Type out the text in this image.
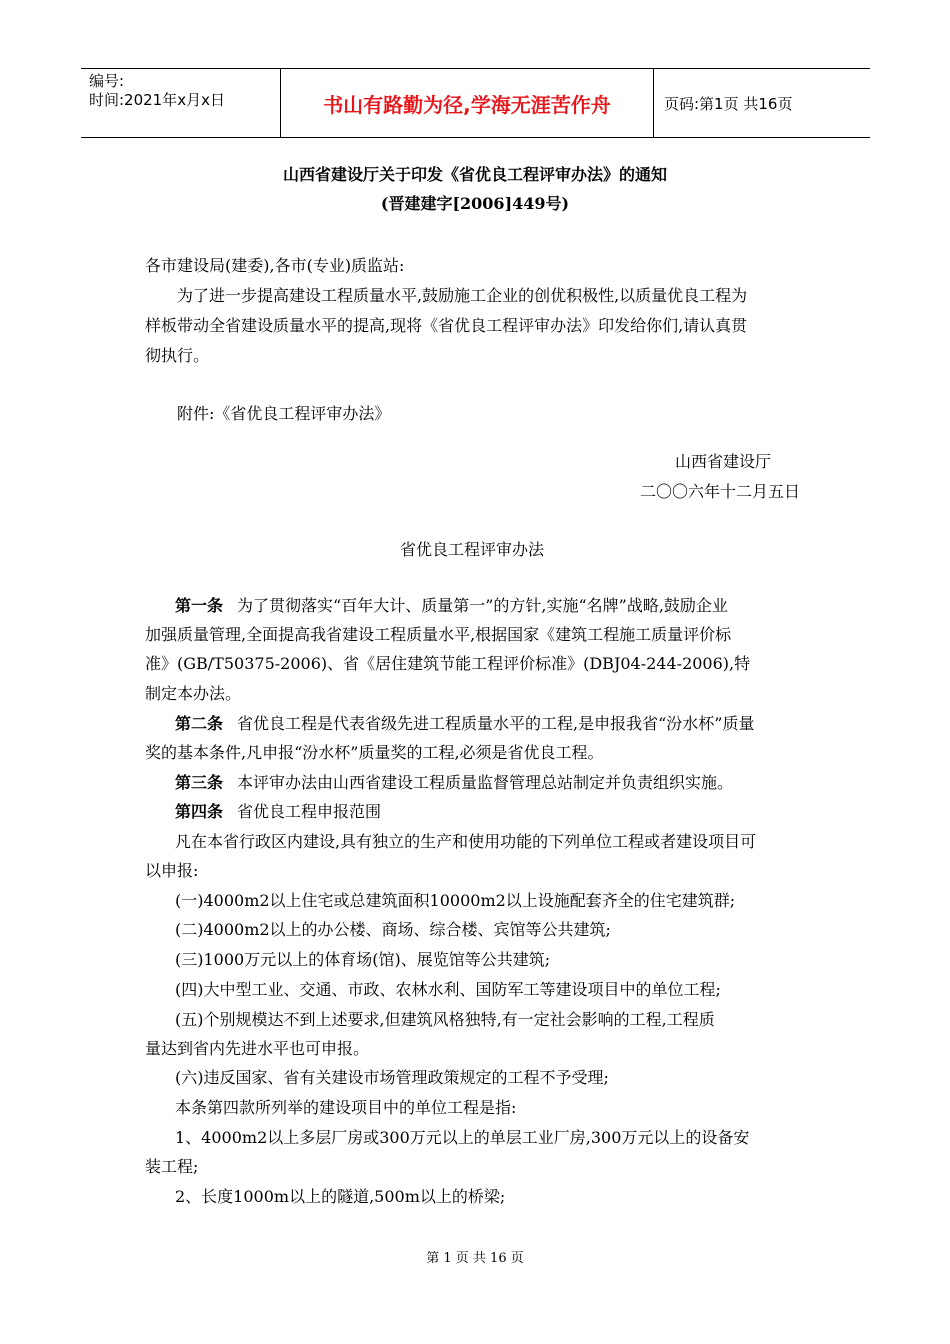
编号:
时间:2021年x月x日	书山有路勤为径,学海无涯苦作舟	页码:第1页 共16页
山西省建设厅关于印发《省优良工程评审办法》的通知
(晋建建字[2006]449号)
各市建设局(建委),各市(专业)质监站:
为了进一步提高建设工程质量水平,鼓励施工企业的创优积极性,以质量优良工程为
样板带动全省建设质量水平的提高,现将《省优良工程评审办法》印发给你们,请认真贯
彻执行。
附件:《省优良工程评审办法》
山西省建设厅
二〇〇六年十二月五日
省优良工程评审办法
第一条 为了贯彻落实“百年大计、质量第一”的方针,实施“名牌”战略,鼓励企业
加强质量管理,全面提高我省建设工程质量水平,根据国家《建筑工程施工质量评价标
准》(GB/T50375-2006)、省《居住建筑节能工程评价标准》(DBJ04-244-2006),特
制定本办法。
第二条 省优良工程是代表省级先进工程质量水平的工程,是申报我省“汾水杯”质量
奖的基本条件,凡申报“汾水杯”质量奖的工程,必须是省优良工程。
第三条 本评审办法由山西省建设工程质量监督管理总站制定并负责组织实施。
第四条 省优良工程申报范围
凡在本省行政区内建设,具有独立的生产和使用功能的下列单位工程或者建设项目可
以申报:
(一)4000m2以上住宅或总建筑面积10000m2以上设施配套齐全的住宅建筑群;
(二)4000m2以上的办公楼、商场、综合楼、宾馆等公共建筑;
(三)1000万元以上的体育场(馆)、展览馆等公共建筑;
(四)大中型工业、交通、市政、农林水利、国防军工等建设项目中的单位工程;
(五)个别规模达不到上述要求,但建筑风格独特,有一定社会影响的工程,工程质
量达到省内先进水平也可申报。
(六)违反国家、省有关建设市场管理政策规定的工程不予受理;
本条第四款所列举的建设项目中的单位工程是指:
1、4000m2以上多层厂房或300万元以上的单层工业厂房,300万元以上的设备安
装工程;
2、长度1000m以上的隧道,500m以上的桥梁;
第 1 页 共 16 页
